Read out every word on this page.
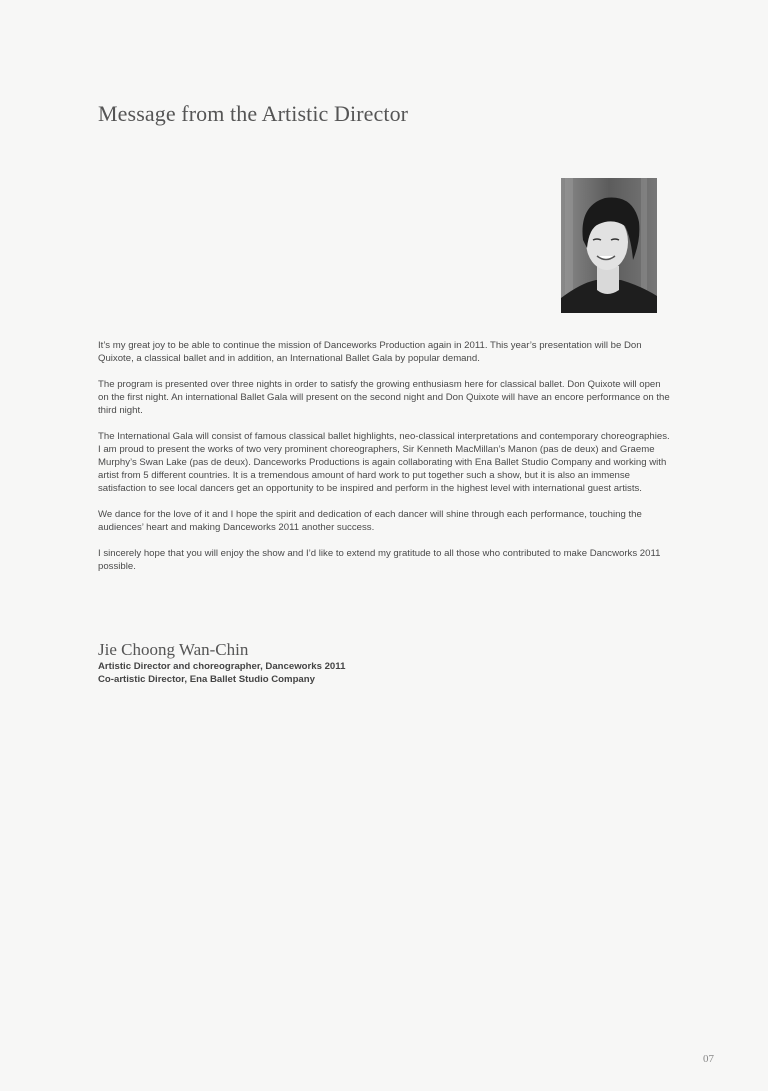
Message from the Artistic Director

It’s my great joy to be able to continue the mission of Danceworks Production again in 2011. This year’s presentation will be Don Quixote, a classical ballet and in addition, an International Ballet Gala by popular demand.

The program is presented over three nights in order to satisfy the growing enthusiasm here for classical ballet. Don Quixote will open on the first night. An international Ballet Gala will present on the second night and Don Quixote will have an encore performance on the third night.

The International Gala will consist of famous classical ballet highlights, neo-classical interpretations and contemporary choreographies. I am proud to present the works of two very prominent choreographers, Sir Kenneth MacMillan’s Manon (pas de deux) and Graeme Murphy’s Swan Lake (pas de deux). Danceworks Productions is again collaborating with Ena Ballet Studio Company and working with artist from 5 different countries. It is a tremendous amount of hard work to put together such a show, but it is also an immense satisfaction to see local dancers get an opportunity to be inspired and perform in the highest level with international guest artists.

We dance for the love of it and I hope the spirit and dedication of each dancer will shine through each performance, touching the audiences’ heart and making Danceworks 2011 another success.

I sincerely hope that you will enjoy the show and I’d like to extend my gratitude to all those who contributed to make Dancworks 2011 possible.

Jie Choong Wan-Chin
Artistic Director and choreographer, Danceworks 2011
Co-artistic Director, Ena Ballet Studio Company
07
